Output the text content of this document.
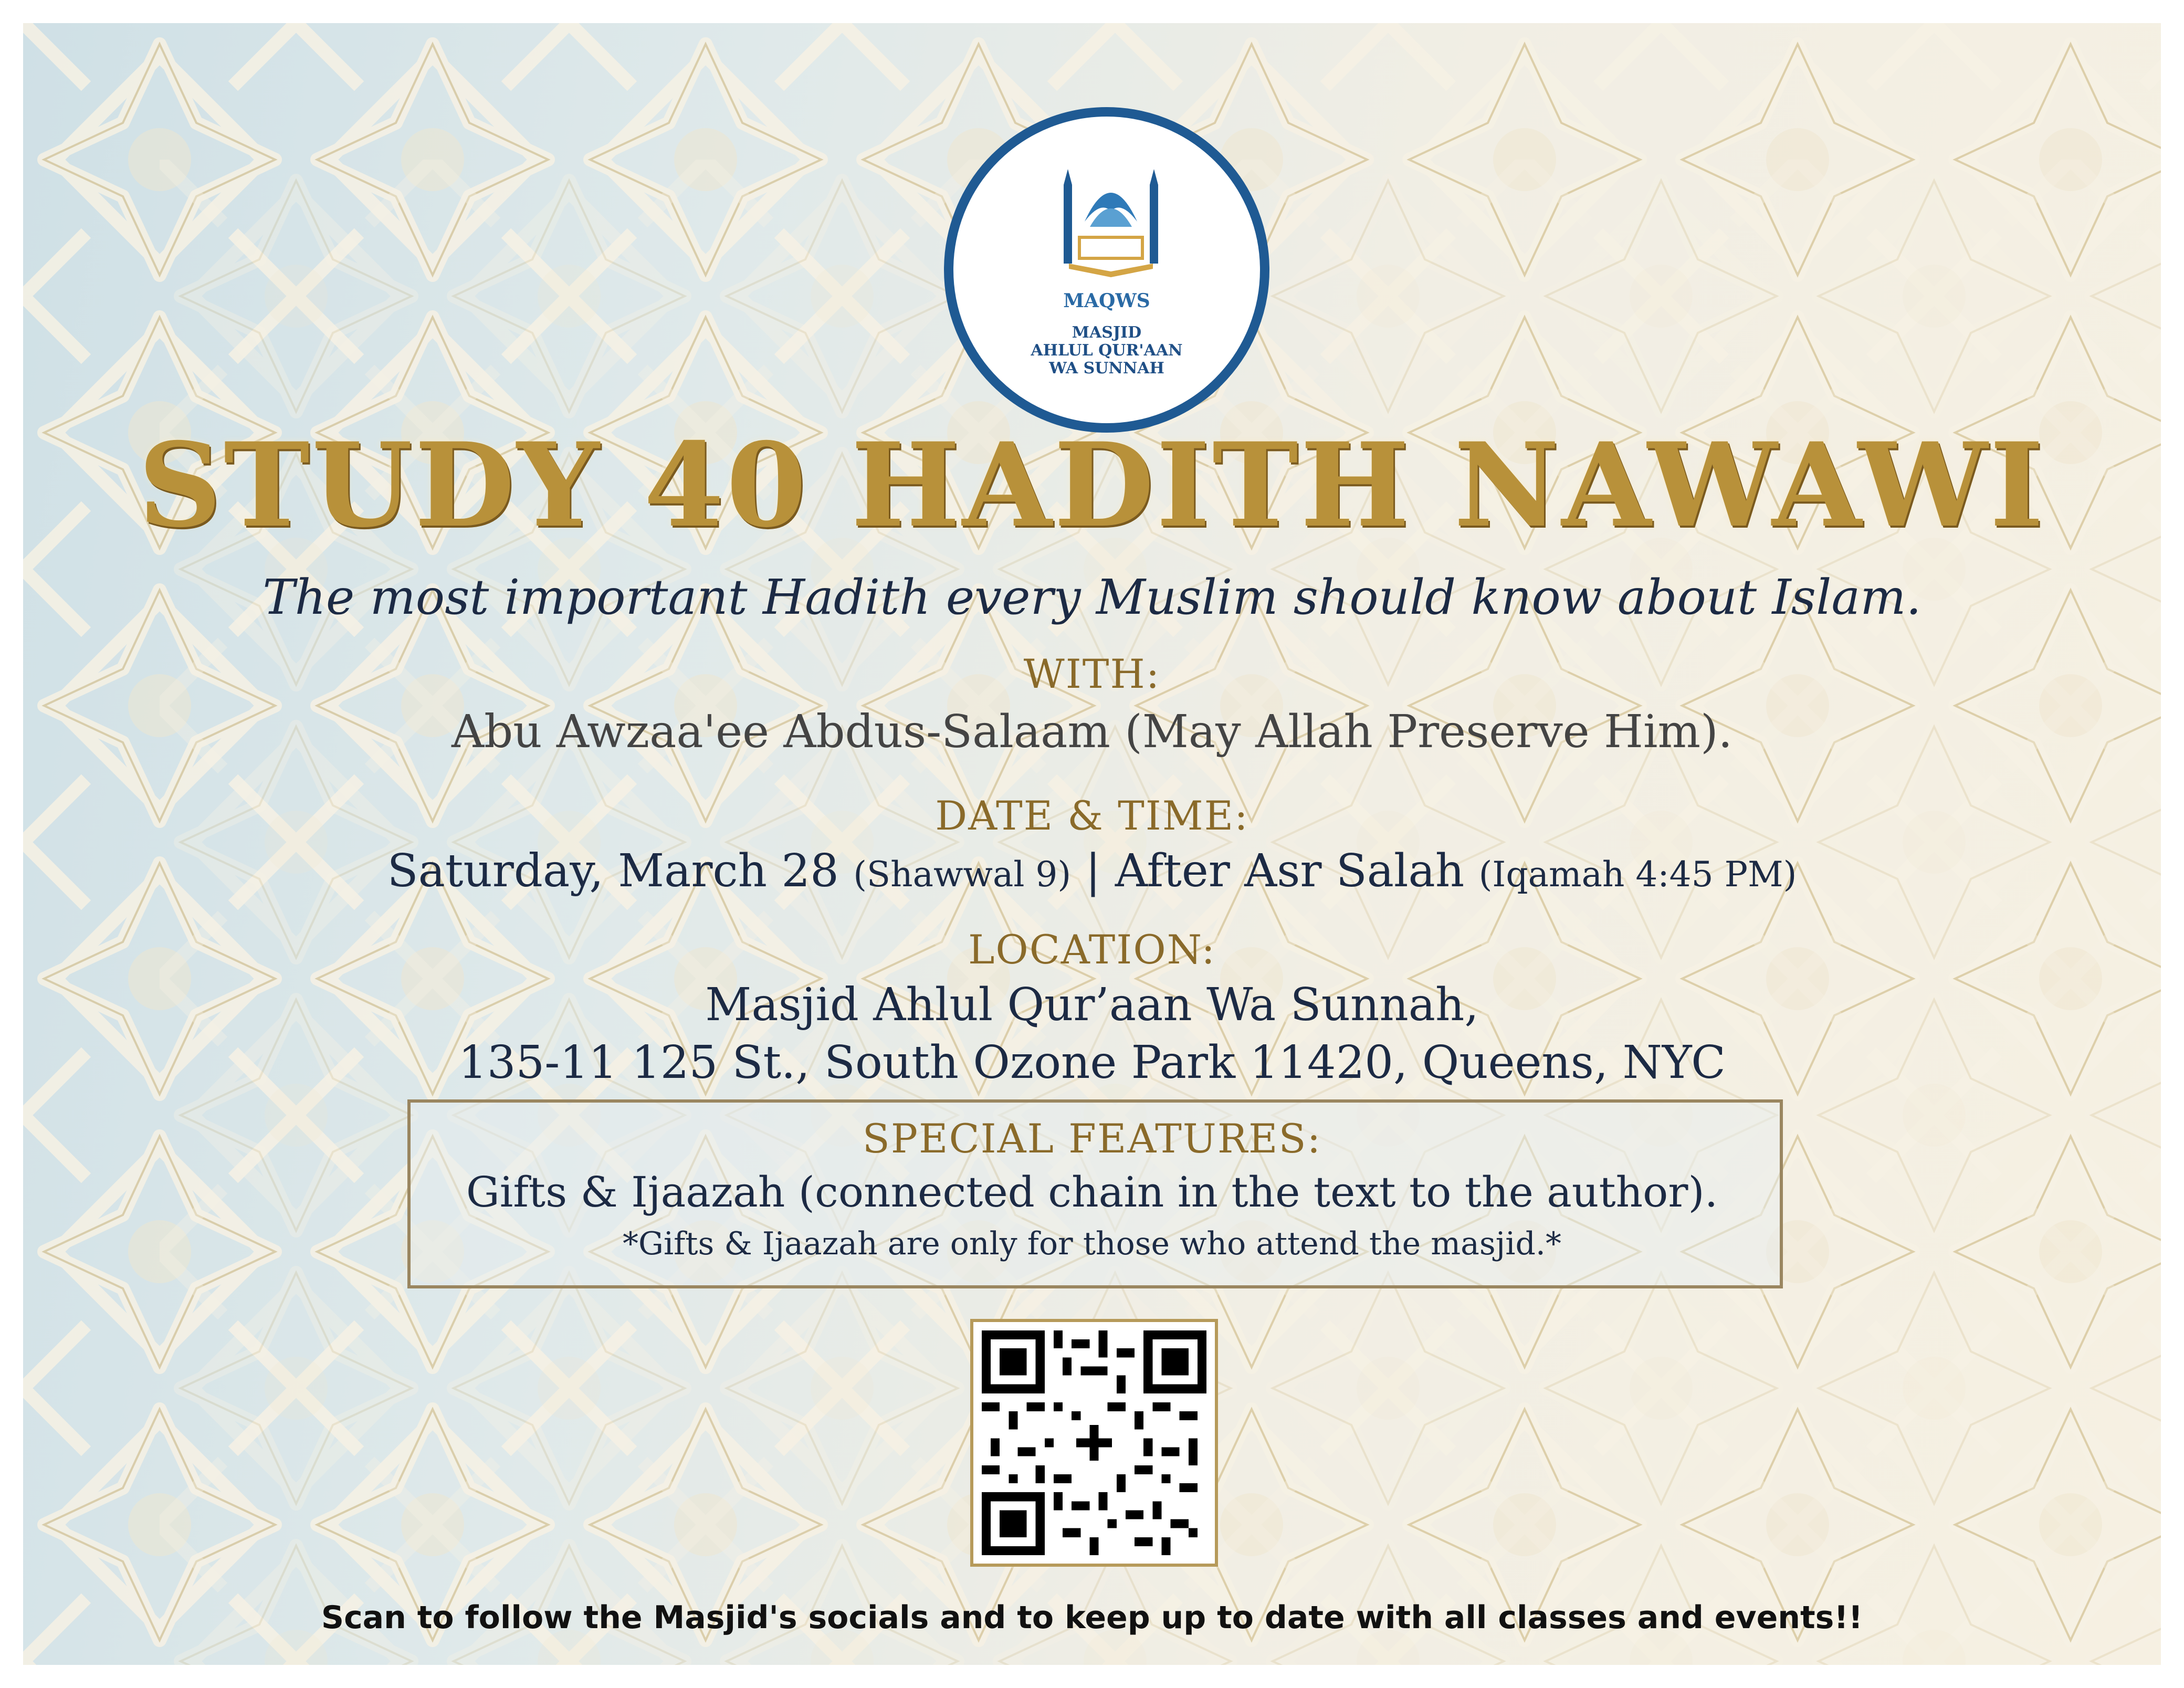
MAQWS
MASJID
AHLUL QUR'AAN
WA SUNNAH
STUDY 40 HADITH NAWAWI
The most important Hadith every Muslim should know about Islam.
WITH:
Abu Awzaa'ee Abdus-Salaam (May Allah Preserve Him).
DATE & TIME:
Saturday, March 28 (Shawwal 9) | After Asr Salah (Iqamah 4:45 PM)
LOCATION:
Masjid Ahlul Qur’aan Wa Sunnah,
135-11 125 St., South Ozone Park 11420, Queens, NYC
SPECIAL FEATURES:
Gifts & Ijaazah (connected chain in the text to the author).
*Gifts & Ijaazah are only for those who attend the masjid.*
Scan to follow the Masjid's socials and to keep up to date with all classes and events!!
